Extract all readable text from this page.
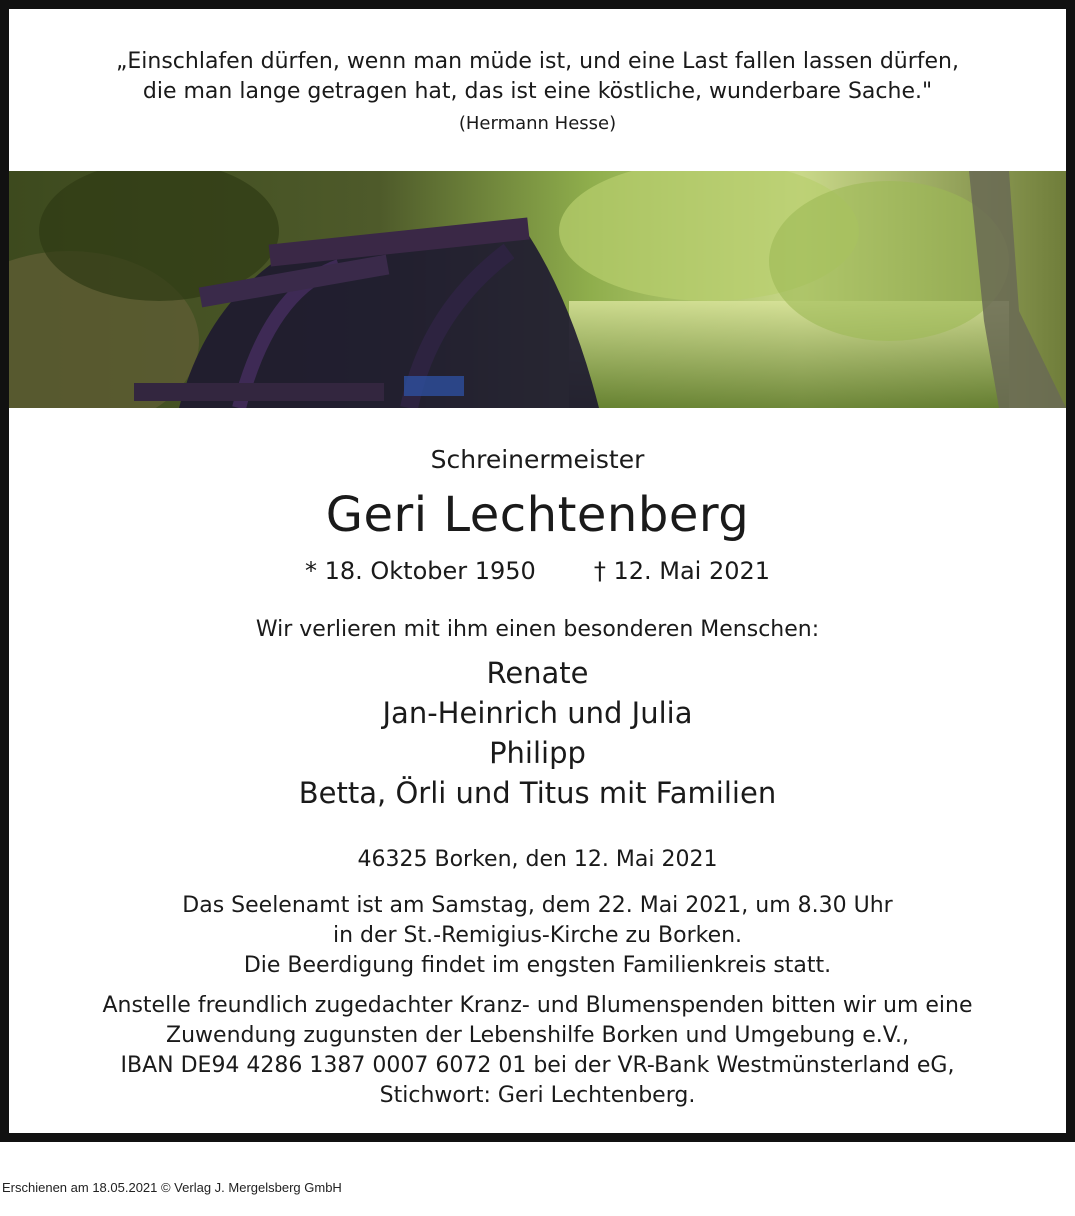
„Einschlafen dürfen, wenn man müde ist, und eine Last fallen lassen dürfen,
die man lange getragen hat, das ist eine köstliche, wunderbare Sache."
(Hermann Hesse)
Schreinermeister
Geri Lechtenberg
* 18. Oktober 1950 † 12. Mai 2021
Wir verlieren mit ihm einen besonderen Menschen:
Renate
Jan-Heinrich und Julia
Philipp
Betta, Örli und Titus mit Familien
46325 Borken, den 12. Mai 2021
Das Seelenamt ist am Samstag, dem 22. Mai 2021, um 8.30 Uhr
in der St.-Remigius-Kirche zu Borken.
Die Beerdigung findet im engsten Familienkreis statt.
Anstelle freundlich zugedachter Kranz- und Blumenspenden bitten wir um eine
Zuwendung zugunsten der Lebenshilfe Borken und Umgebung e.V.,
IBAN DE94 4286 1387 0007 6072 01 bei der VR-Bank Westmünsterland eG,
Stichwort: Geri Lechtenberg.
Erschienen am 18.05.2021 © Verlag J. Mergelsberg GmbH
